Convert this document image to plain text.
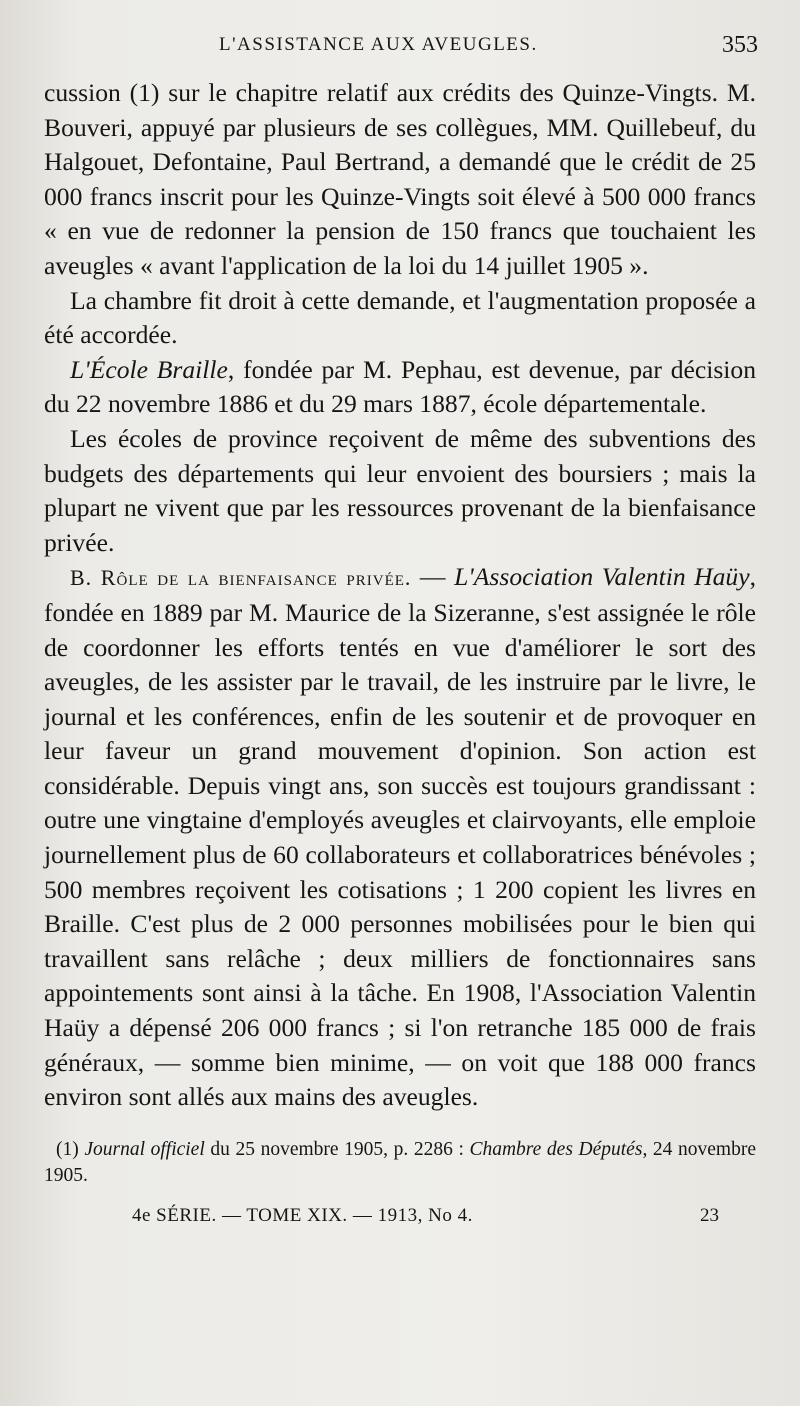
L'ASSISTANCE AUX AVEUGLES.	353

cussion (1) sur le chapitre relatif aux crédits des Quinze-Vingts. M. Bouveri, appuyé par plusieurs de ses collègues, MM. Quillebeuf, du Halgouet, Defontaine, Paul Bertrand, a demandé que le crédit de 25 000 francs inscrit pour les Quinze-Vingts soit élevé à 500 000 francs « en vue de redonner la pension de 150 francs que touchaient les aveugles « avant l'application de la loi du 14 juillet 1905 ».

La chambre fit droit à cette demande, et l'augmentation proposée a été accordée.

L'École Braille, fondée par M. Pephau, est devenue, par décision du 22 novembre 1886 et du 29 mars 1887, école départementale.

Les écoles de province reçoivent de même des subventions des budgets des départements qui leur envoient des boursiers ; mais la plupart ne vivent que par les ressources provenant de la bienfaisance privée.

B. Rôle de la bienfaisance privée. — L'Association Valentin Haüy, fondée en 1889 par M. Maurice de la Sizeranne, s'est assignée le rôle de coordonner les efforts tentés en vue d'améliorer le sort des aveugles, de les assister par le travail, de les instruire par le livre, le journal et les conférences, enfin de les soutenir et de provoquer en leur faveur un grand mouvement d'opinion. Son action est considérable. Depuis vingt ans, son succès est toujours grandissant : outre une vingtaine d'employés aveugles et clairvoyants, elle emploie journellement plus de 60 collaborateurs et collaboratrices bénévoles ; 500 membres reçoivent les cotisations ; 1 200 copient les livres en Braille. C'est plus de 2 000 personnes mobilisées pour le bien qui travaillent sans relâche ; deux milliers de fonctionnaires sans appointements sont ainsi à la tâche. En 1908, l'Association Valentin Haüy a dépensé 206 000 francs ; si l'on retranche 185 000 de frais généraux, — somme bien minime, — on voit que 188 000 francs environ sont allés aux mains des aveugles.

(1) Journal officiel du 25 novembre 1905, p. 2286 : Chambre des Députés, 24 novembre 1905.
4e SÉRIE. — TOME XIX. — 1913, No 4.	23
